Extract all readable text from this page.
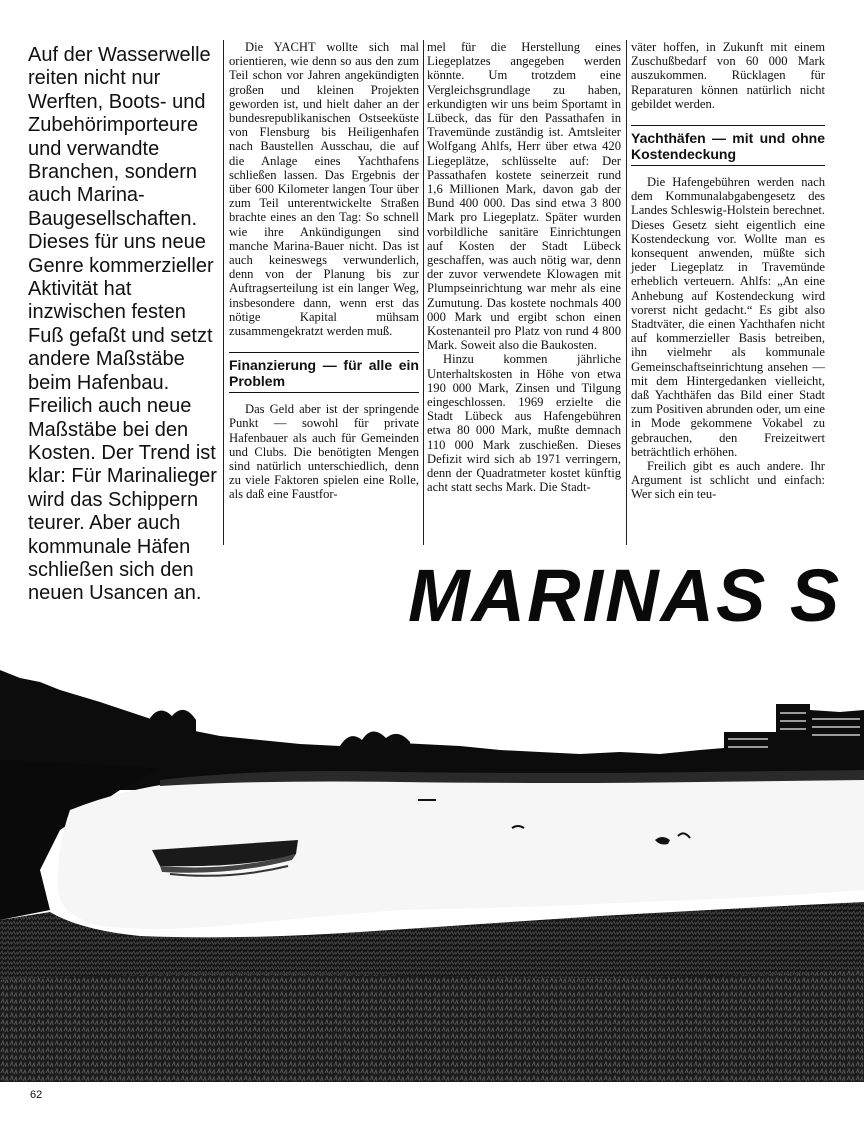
Auf der Wasserwelle reiten nicht nur Werften, Boots- und Zubehörimporteure und verwandte Branchen, sondern auch Marina-Baugesellschaften. Dieses für uns neue Genre kommerzieller Aktivität hat inzwischen festen Fuß gefaßt und setzt andere Maßstäbe beim Hafenbau. Freilich auch neue Maßstäbe bei den Kosten. Der Trend ist klar: Für Marinalieger wird das Schippern teurer. Aber auch kommunale Häfen schließen sich den neuen Usancen an.

Die YACHT wollte sich mal orientieren, wie denn so aus den zum Teil schon vor Jahren angekündigten großen und kleinen Projekten geworden ist, und hielt daher an der bundesrepublikanischen Ostseeküste von Flensburg bis Heiligenhafen nach Baustellen Ausschau, die auf die Anlage eines Yachthafens schließen lassen. Das Ergebnis der über 600 Kilometer langen Tour über zum Teil unterentwickelte Straßen brachte eines an den Tag: So schnell wie ihre Ankündigungen sind manche Marina-Bauer nicht. Das ist auch keineswegs verwunderlich, denn von der Planung bis zur Auftragserteilung ist ein langer Weg, insbesondere dann, wenn erst das nötige Kapital mühsam zusammengekratzt werden muß.

Finanzierung — für alle ein Problem

Das Geld aber ist der springende Punkt — sowohl für private Hafenbauer als auch für Gemeinden und Clubs. Die benötigten Mengen sind natürlich unterschiedlich, denn zu viele Faktoren spielen eine Rolle, als daß eine Faustfor-

mel für die Herstellung eines Liegeplatzes angegeben werden könnte. Um trotzdem eine Vergleichsgrundlage zu haben, erkundigten wir uns beim Sportamt in Lübeck, das für den Passathafen in Travemünde zuständig ist. Amtsleiter Wolfgang Ahlfs, Herr über etwa 420 Liegeplätze, schlüsselte auf: Der Passathafen kostete seinerzeit rund 1,6 Millionen Mark, davon gab der Bund 400 000. Das sind etwa 3 800 Mark pro Liegeplatz. Später wurden vorbildliche sanitäre Einrichtungen auf Kosten der Stadt Lübeck geschaffen, was auch nötig war, denn der zuvor verwendete Klowagen mit Plumpseinrichtung war mehr als eine Zumutung. Das kostete nochmals 400 000 Mark und ergibt schon einen Kostenanteil pro Platz von rund 4 800 Mark. Soweit also die Baukosten.

Hinzu kommen jährliche Unterhaltskosten in Höhe von etwa 190 000 Mark, Zinsen und Tilgung eingeschlossen. 1969 erzielte die Stadt Lübeck aus Hafengebühren etwa 80 000 Mark, mußte demnach 110 000 Mark zuschießen. Dieses Defizit wird sich ab 1971 verringern, denn der Quadratmeter kostet künftig acht statt sechs Mark. Die Stadt-

väter hoffen, in Zukunft mit einem Zuschußbedarf von 60 000 Mark auszukommen. Rücklagen für Reparaturen können natürlich nicht gebildet werden.

Yachthäfen — mit und ohne Kostendeckung

Die Hafengebühren werden nach dem Kommunalabgabengesetz des Landes Schleswig-Holstein berechnet. Dieses Gesetz sieht eigentlich eine Kostendeckung vor. Wollte man es konsequent anwenden, müßte sich jeder Liegeplatz in Travemünde erheblich verteuern. Ahlfs: „An eine Anhebung auf Kostendeckung wird vorerst nicht gedacht.“ Es gibt also Stadtväter, die einen Yachthafen nicht auf kommerzieller Basis betreiben, ihn vielmehr als kommunale Gemeinschaftseinrichtung ansehen — mit dem Hintergedanken vielleicht, daß Yachthäfen das Bild einer Stadt zum Positiven abrunden oder, um eine in Mode gekommene Vokabel zu gebrauchen, den Freizeitwert beträchtlich erhöhen.

Freilich gibt es auch andere. Ihr Argument ist schlicht und einfach: Wer sich ein teu-

MARINAS S
62
